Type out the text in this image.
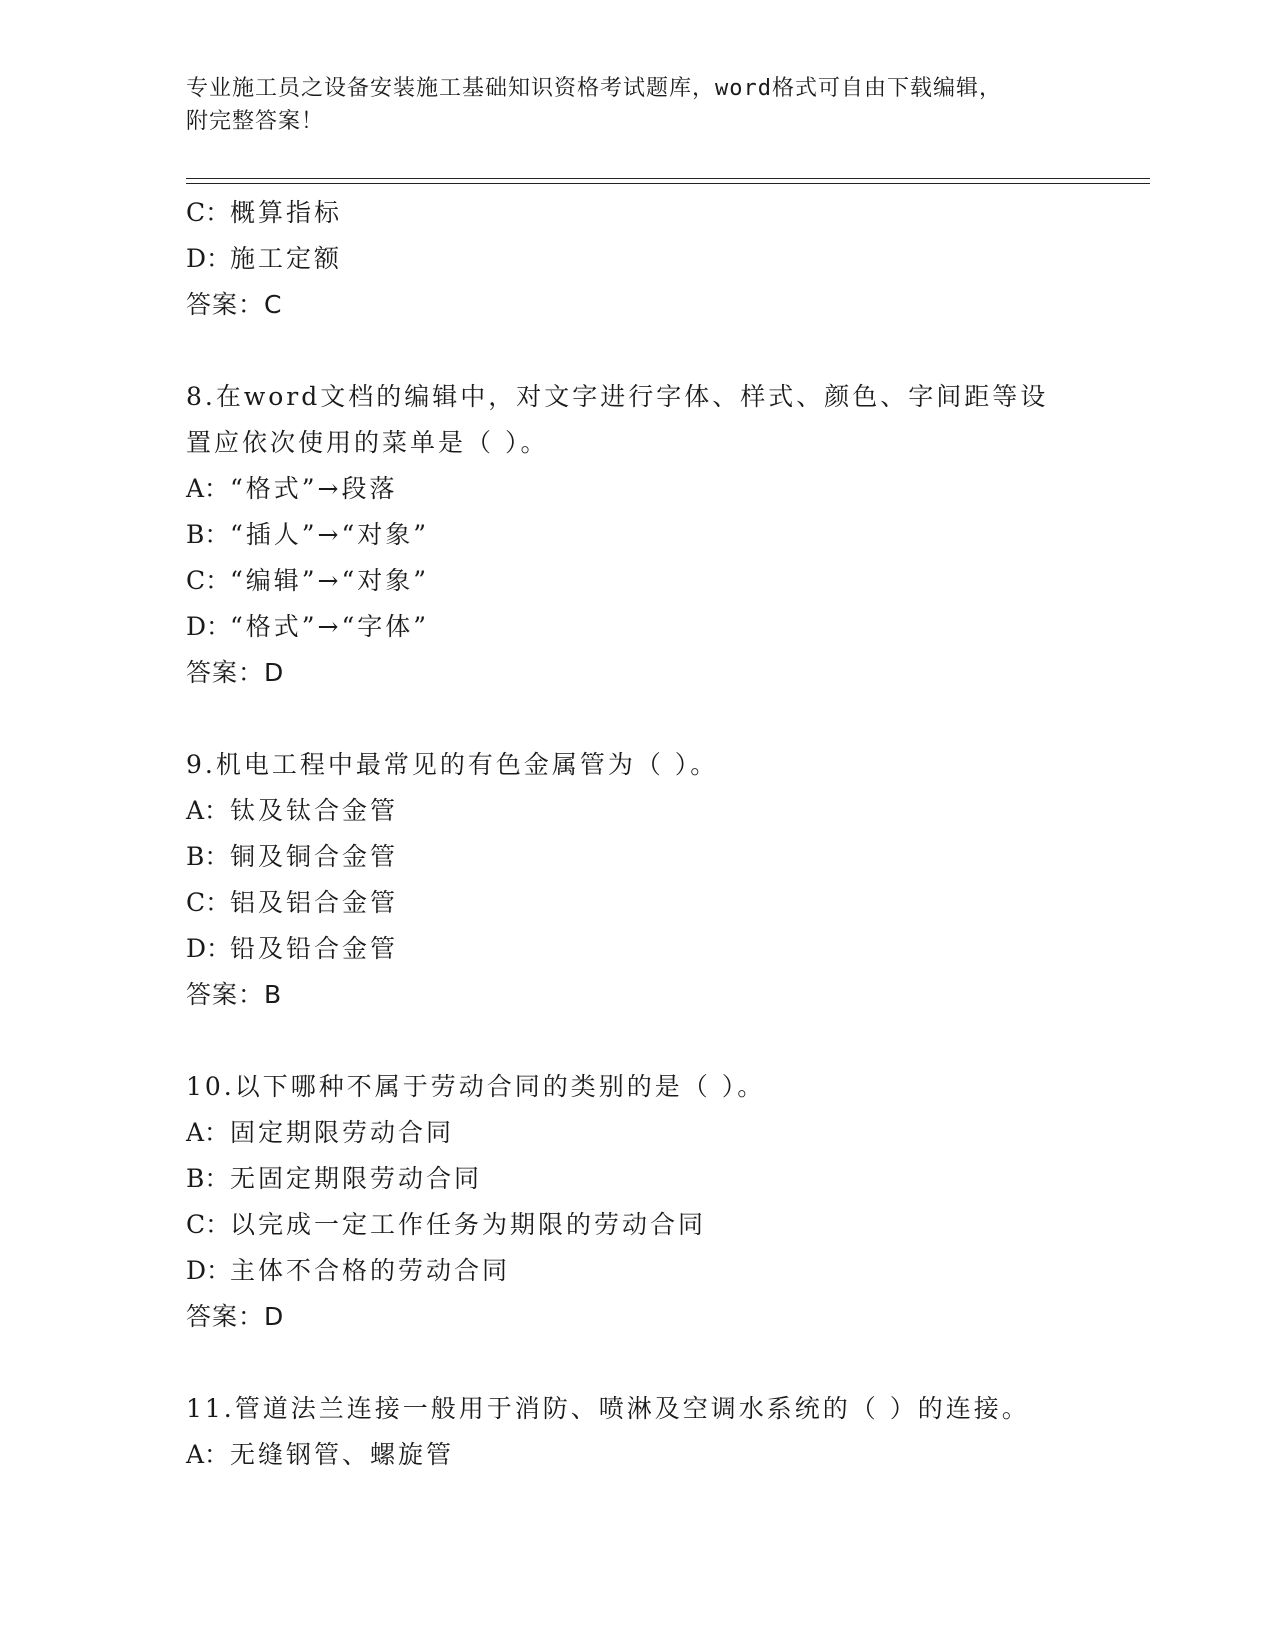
专业施工员之设备安装施工基础知识资格考试题库，word格式可自由下载编辑，
附完整答案！
C：概算指标
D：施工定额
答案：C
8.在word文档的编辑中，对文字进行字体、样式、颜色、字间距等设
置应依次使用的菜单是（ ）。
A：“格式”→段落
B：“插人”→“对象”
C：“编辑”→“对象”
D：“格式”→“字体”
答案：D
9.机电工程中最常见的有色金属管为（ ）。
A：钛及钛合金管
B：铜及铜合金管
C：铝及铝合金管
D：铅及铅合金管
答案：B
10.以下哪种不属于劳动合同的类别的是（ ）。
A：固定期限劳动合同
B：无固定期限劳动合同
C：以完成一定工作任务为期限的劳动合同
D：主体不合格的劳动合同
答案：D
11.管道法兰连接一般用于消防、喷淋及空调水系统的（ ）的连接。
A：无缝钢管、螺旋管
